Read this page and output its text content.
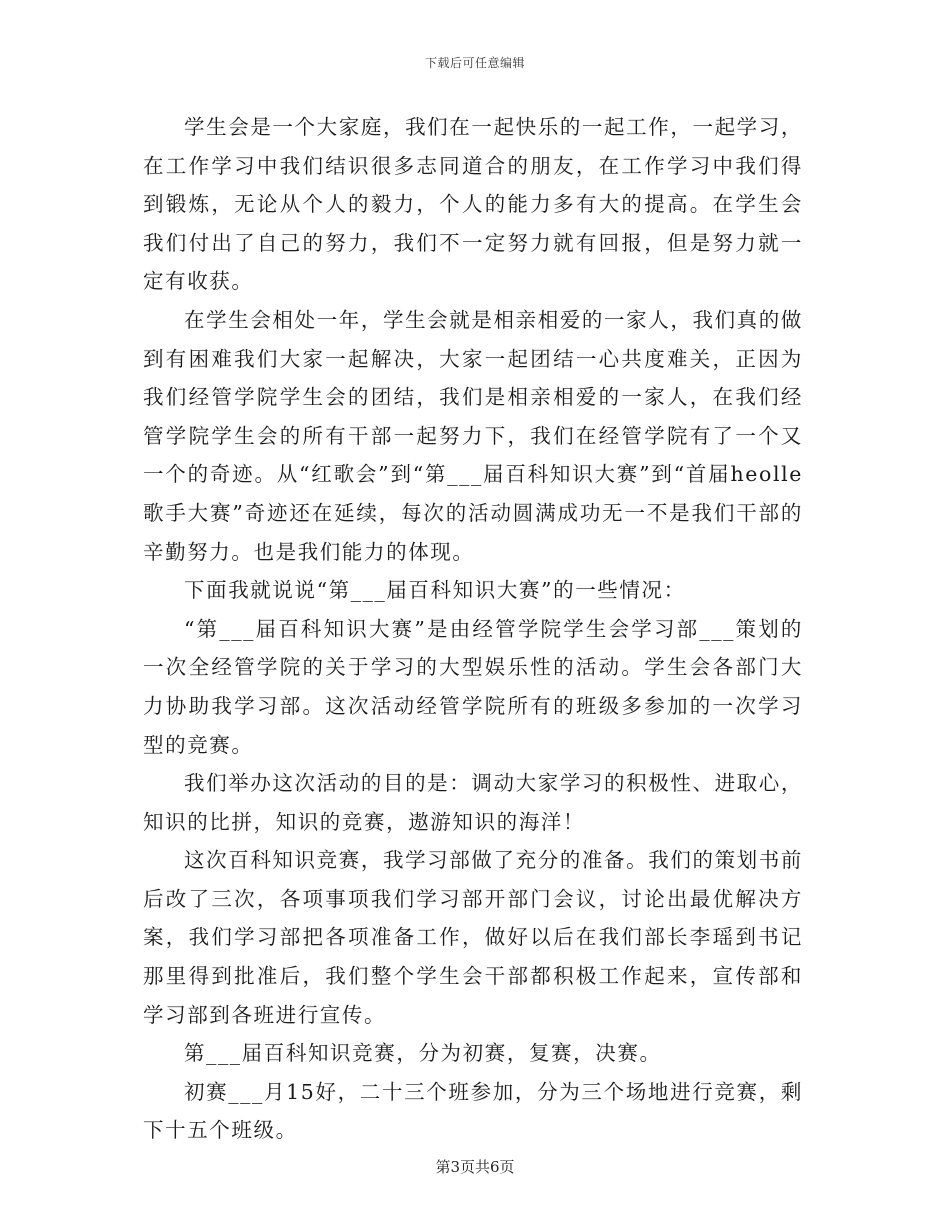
下载后可任意编辑

学生会是一个大家庭，我们在一起快乐的一起工作，一起学习，在工作学习中我们结识很多志同道合的朋友，在工作学习中我们得到锻炼，无论从个人的毅力，个人的能力多有大的提高。在学生会我们付出了自己的努力，我们不一定努力就有回报，但是努力就一定有收获。

在学生会相处一年，学生会就是相亲相爱的一家人，我们真的做到有困难我们大家一起解决，大家一起团结一心共度难关，正因为我们经管学院学生会的团结，我们是相亲相爱的一家人，在我们经管学院学生会的所有干部一起努力下，我们在经管学院有了一个又一个的奇迹。从“红歌会”到“第___届百科知识大赛”到“首届heolle歌手大赛”奇迹还在延续，每次的活动圆满成功无一不是我们干部的辛勤努力。也是我们能力的体现。

下面我就说说“第___届百科知识大赛”的一些情况：

“第___届百科知识大赛”是由经管学院学生会学习部___策划的一次全经管学院的关于学习的大型娱乐性的活动。学生会各部门大力协助我学习部。这次活动经管学院所有的班级多参加的一次学习型的竞赛。

我们举办这次活动的目的是：调动大家学习的积极性、进取心，知识的比拼，知识的竞赛，遨游知识的海洋！

这次百科知识竞赛，我学习部做了充分的准备。我们的策划书前后改了三次，各项事项我们学习部开部门会议，讨论出最优解决方案，我们学习部把各项准备工作，做好以后在我们部长李瑶到书记那里得到批准后，我们整个学生会干部都积极工作起来，宣传部和学习部到各班进行宣传。

第___届百科知识竞赛，分为初赛，复赛，决赛。

初赛___月15好，二十三个班参加，分为三个场地进行竞赛，剩下十五个班级。

第3页共6页
